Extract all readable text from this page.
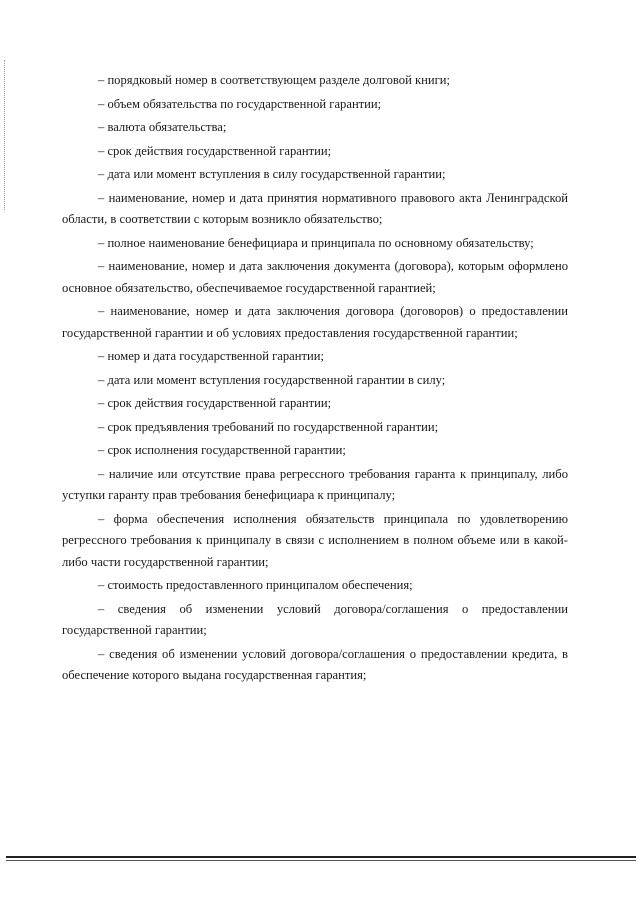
– порядковый номер в соответствующем разделе долговой книги;

– объем обязательства по государственной гарантии;

– валюта обязательства;

– срок действия государственной гарантии;

– дата или момент вступления в силу государственной гарантии;

– наименование, номер и дата принятия нормативного правового акта Ленинградской области, в соответствии с которым возникло обязательство;

– полное наименование бенефициара и принципала по основному обязательству;

– наименование, номер и дата заключения документа (договора), которым оформлено основное обязательство, обеспечиваемое государственной гарантией;

– наименование, номер и дата заключения договора (договоров) о предоставлении государственной гарантии и об условиях предоставления государственной гарантии;

– номер и дата государственной гарантии;

– дата или момент вступления государственной гарантии в силу;

– срок действия государственной гарантии;

– срок предъявления требований по государственной гарантии;

– срок исполнения государственной гарантии;

– наличие или отсутствие права регрессного требования гаранта к принципалу, либо уступки гаранту прав требования бенефициара к принципалу;

– форма обеспечения исполнения обязательств принципала по удовлетворению регрессного требования к принципалу в связи с исполнением в полном объеме или в какой-либо части государственной гарантии;

– стоимость предоставленного принципалом обеспечения;

– сведения об изменении условий договора/соглашения о предоставлении государственной гарантии;

– сведения об изменении условий договора/соглашения о предоставлении кредита, в обеспечение которого выдана государственная гарантия;
